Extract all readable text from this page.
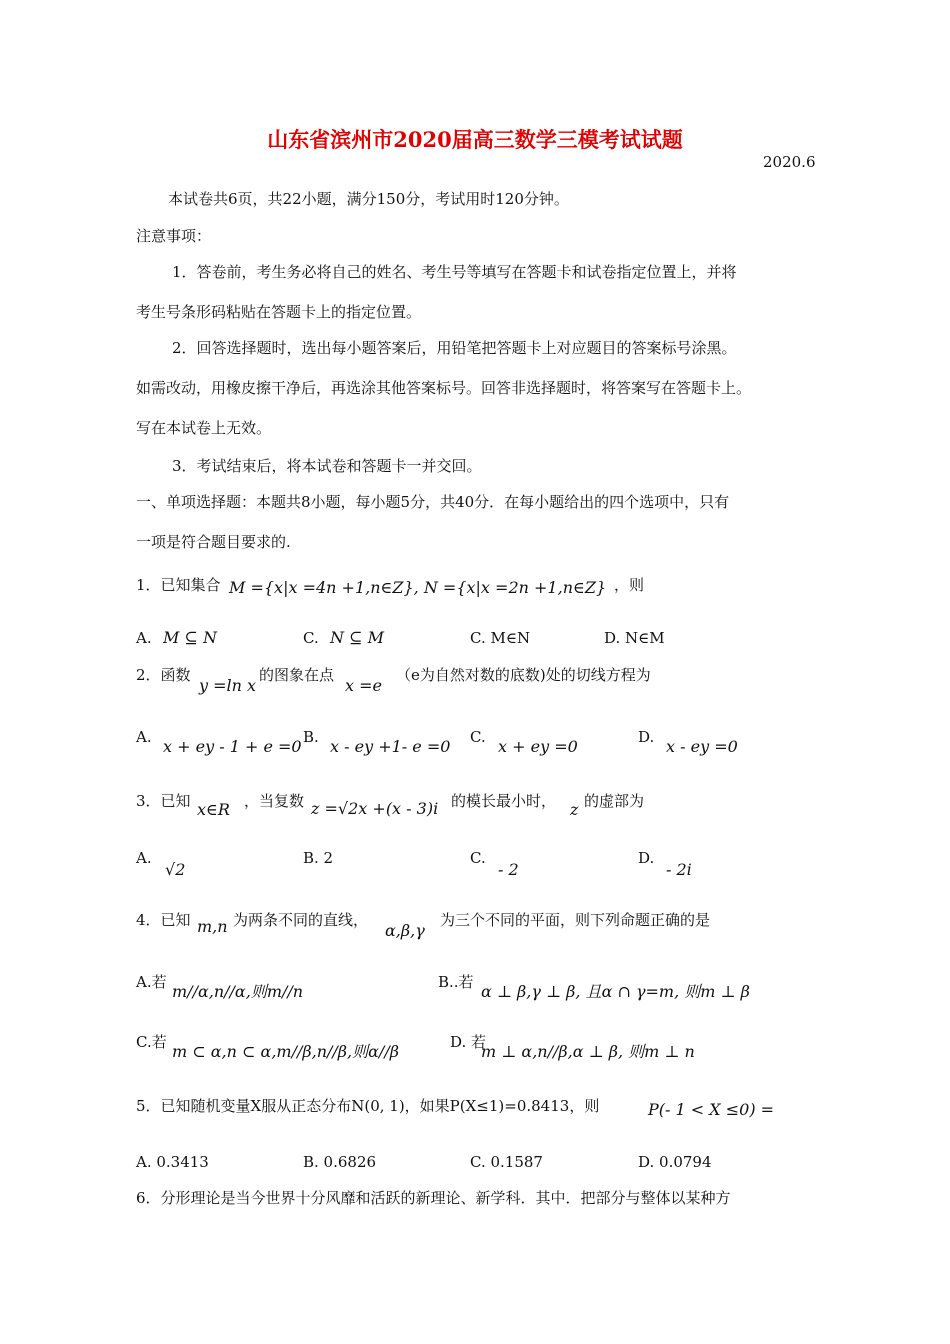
山东省滨州市2020届高三数学三模考试试题
2020.6
本试卷共6页，共22小题，满分150分，考试用时120分钟。
注意事项：
1．答卷前，考生务必将自己的姓名、考生号等填写在答题卡和试卷指定位置上，并将
考生号条形码粘贴在答题卡上的指定位置。
2．回答选择题时，选出每小题答案后，用铅笔把答题卡上对应题目的答案标号涂黑。
如需改动，用橡皮擦干净后，再选涂其他答案标号。回答非选择题时，将答案写在答题卡上。
写在本试卷上无效。
3．考试结束后，将本试卷和答题卡一并交回。
一、单项选择题：本题共8小题，每小题5分，共40分．在每小题给出的四个选项中，只有
一项是符合题目要求的.
1．已知集合 M ={x|x =4n +1,n∈Z}, N ={x|x =2n +1,n∈Z} ，则
A. M ⊆ N	C. N ⊆ M	C. M∈N	D. N∈M
2．函数
y =ln x
的图象在点
x =e
（e为自然对数的底数)处的切线方程为
A. x + ey - 1 + e =0 B. x - ey +1- e =0 C. x + ey =0	D. x - ey =0
3．已知 x∈R ，当复数 z =√2x +(x - 3)i 的模长最小时， z 的虚部为
A.
√2
B. 2	C.
- 2
D.
- 2i
4．已知 m,n 为两条不同的直线，
α,β,γ
为三个不同的平面，则下列命题正确的是
A.若 m//α,n//α,则m//n	B..若 α ⊥ β,γ ⊥ β, 且α ∩ γ=m, 则m ⊥ β
C.若 m ⊂ α,n ⊂ α,m//β,n//β,则α//β	D. 若
m ⊥ α,n//β,α ⊥ β, 则m ⊥ n
5．已知随机变量X服从正态分布N(0, 1)，如果P(X≤1)=0.8413，则	P(- 1 < X ≤0) =
A. 0.3413	B. 0.6826	C. 0.1587	D. 0.0794
6．分形理论是当今世界十分风靡和活跃的新理论、新学科．其中．把部分与整体以某种方
